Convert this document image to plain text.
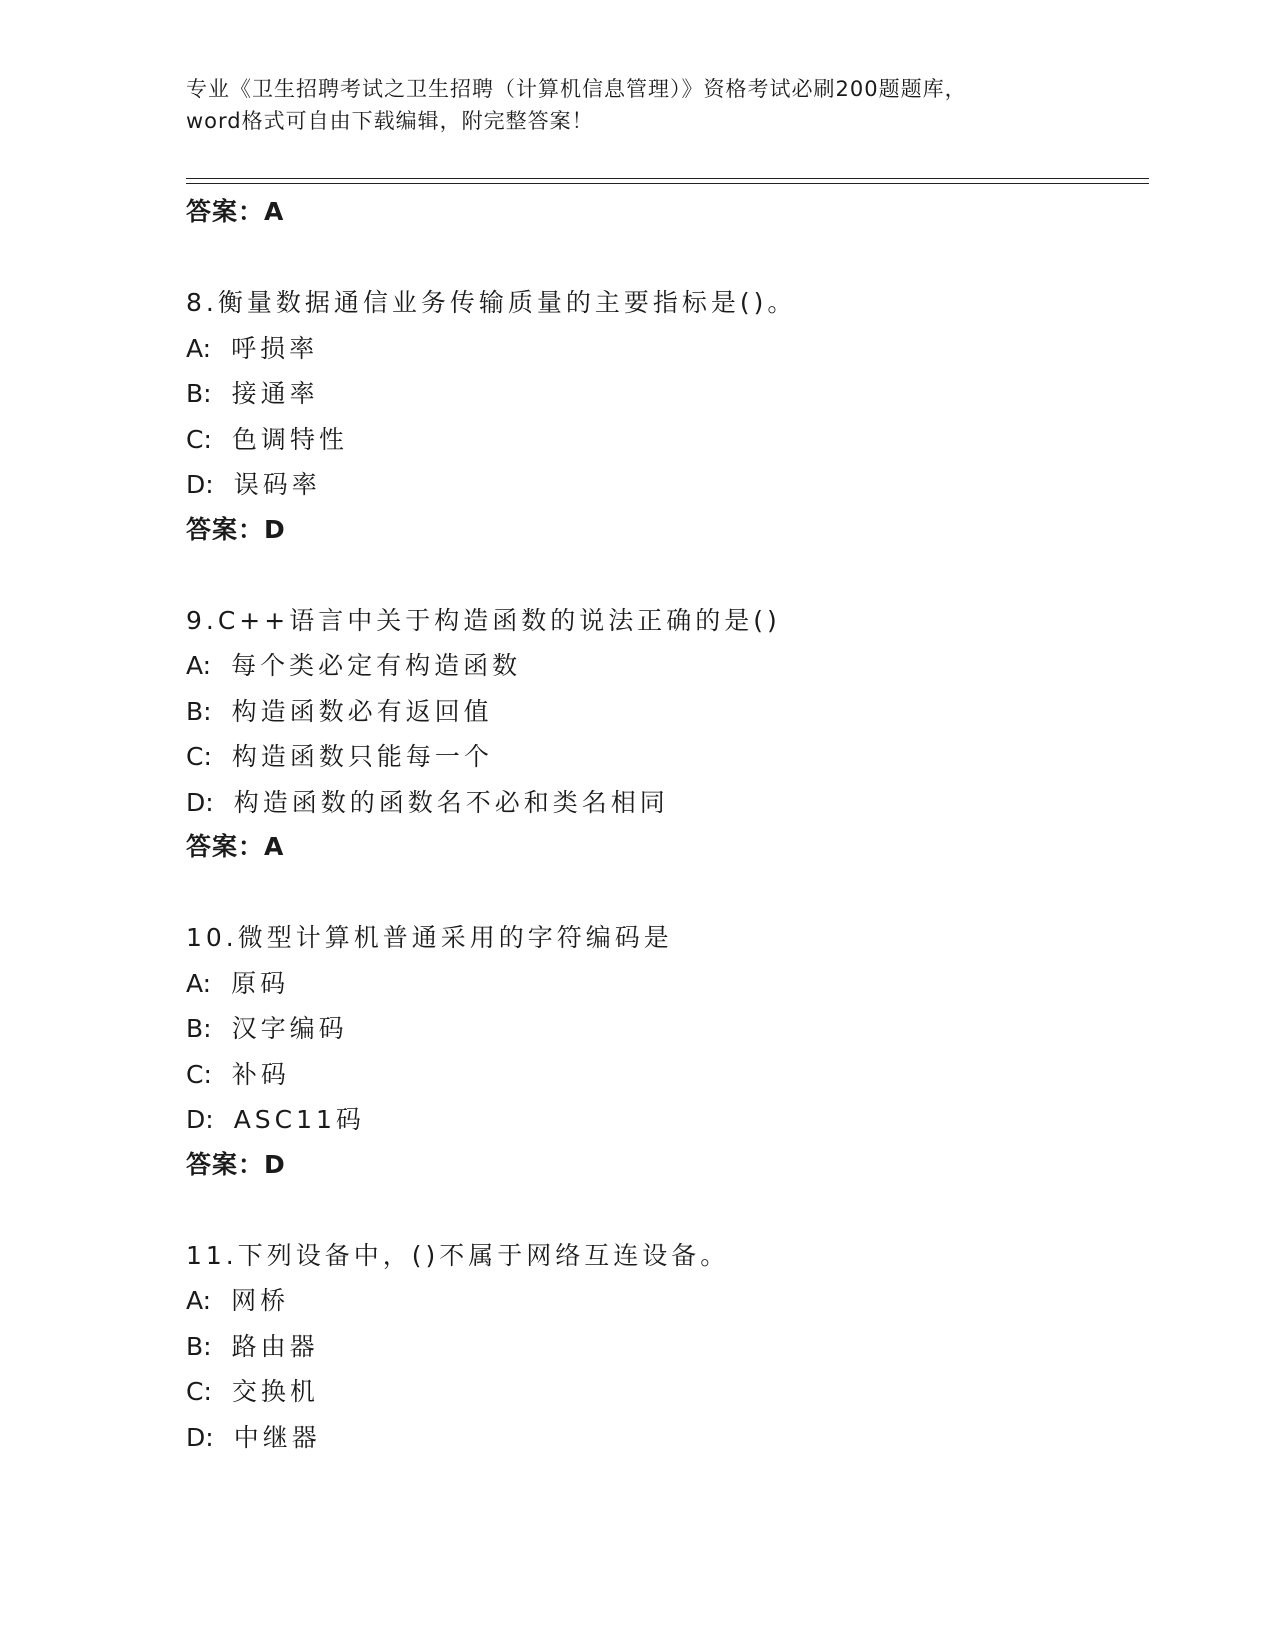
专业《卫生招聘考试之卫生招聘（计算机信息管理）》资格考试必刷200题题库，

word格式可自由下载编辑，附完整答案！

答案：A
8.衡量数据通信业务传输质量的主要指标是()。
A: 呼损率
B: 接通率
C: 色调特性
D: 误码率
答案：D
9.C++语言中关于构造函数的说法正确的是()
A: 每个类必定有构造函数
B: 构造函数必有返回值
C: 构造函数只能每一个
D: 构造函数的函数名不必和类名相同
答案：A
10.微型计算机普通采用的字符编码是
A: 原码
B: 汉字编码
C: 补码
D: ASC11码
答案：D
11.下列设备中，()不属于网络互连设备。
A: 网桥
B: 路由器
C: 交换机
D: 中继器
